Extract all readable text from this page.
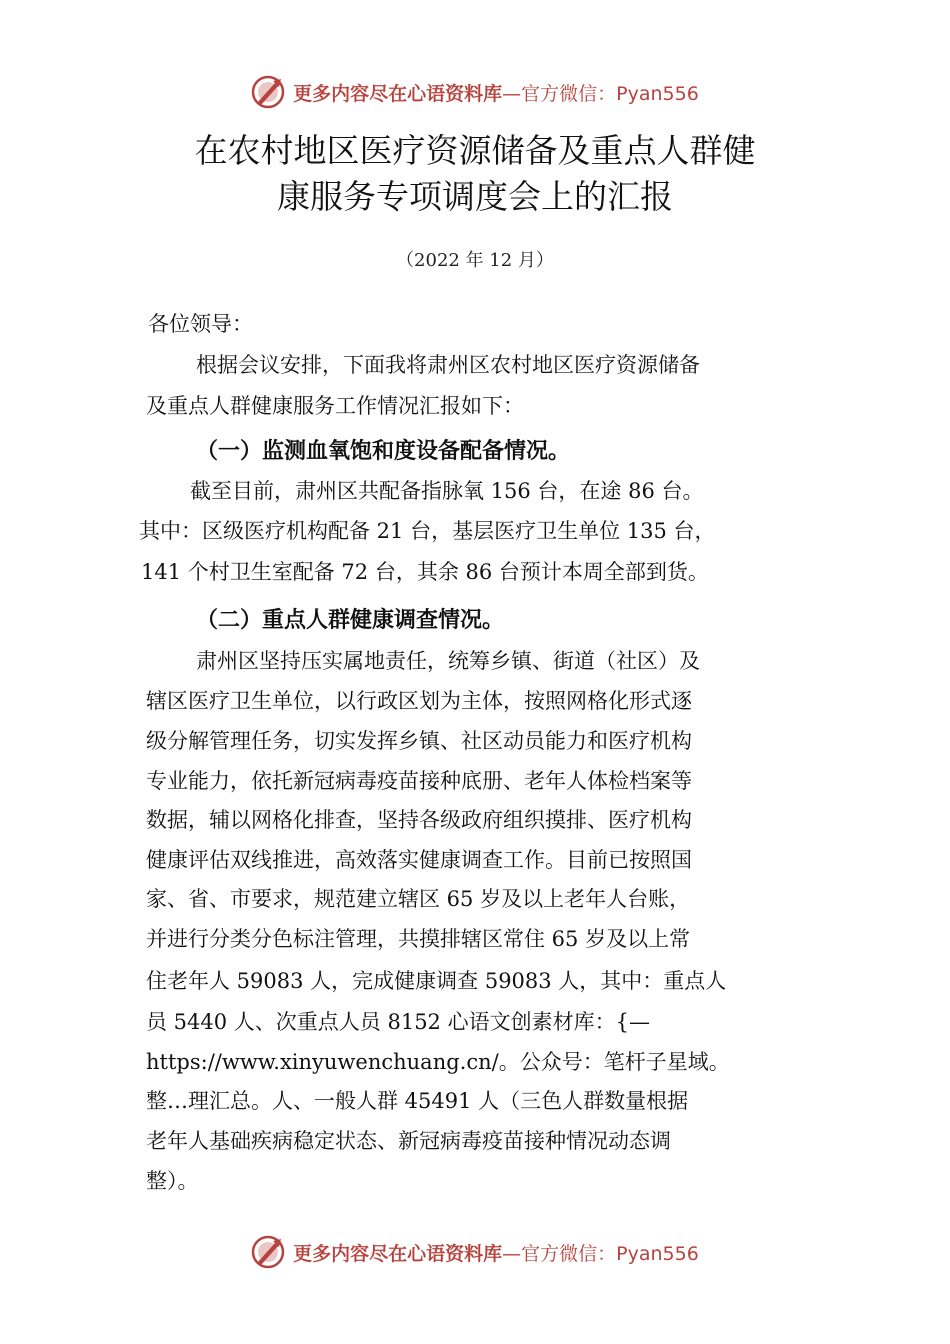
更多内容尽在心语资料库—官方微信：Pyan556
在农村地区医疗资源储备及重点人群健
康服务专项调度会上的汇报
（2022 年 12 月）
各位领导：
根据会议安排，下面我将肃州区农村地区医疗资源储备
及重点人群健康服务工作情况汇报如下：
（一）监测血氧饱和度设备配备情况。
截至目前，肃州区共配备指脉氧 156 台，在途 86 台。
其中：区级医疗机构配备 21 台，基层医疗卫生单位 135 台，
141 个村卫生室配备 72 台，其余 86 台预计本周全部到货。
（二）重点人群健康调查情况。
肃州区坚持压实属地责任，统筹乡镇、街道（社区）及
辖区医疗卫生单位，以行政区划为主体，按照网格化形式逐
级分解管理任务，切实发挥乡镇、社区动员能力和医疗机构
专业能力，依托新冠病毒疫苗接种底册、老年人体检档案等
数据，辅以网格化排查，坚持各级政府组织摸排、医疗机构
健康评估双线推进，高效落实健康调查工作。目前已按照国
家、省、市要求，规范建立辖区 65 岁及以上老年人台账，
并进行分类分色标注管理，共摸排辖区常住 65 岁及以上常
住老年人 59083 人，完成健康调查 59083 人，其中：重点人
员 5440 人、次重点人员 8152 心语文创素材库：{—
https://www.xinyuwenchuang.cn/。公众号：笔杆子星域。
整…理汇总。人、一般人群 45491 人（三色人群数量根据
老年人基础疾病稳定状态、新冠病毒疫苗接种情况动态调
整）。
更多内容尽在心语资料库—官方微信：Pyan556
